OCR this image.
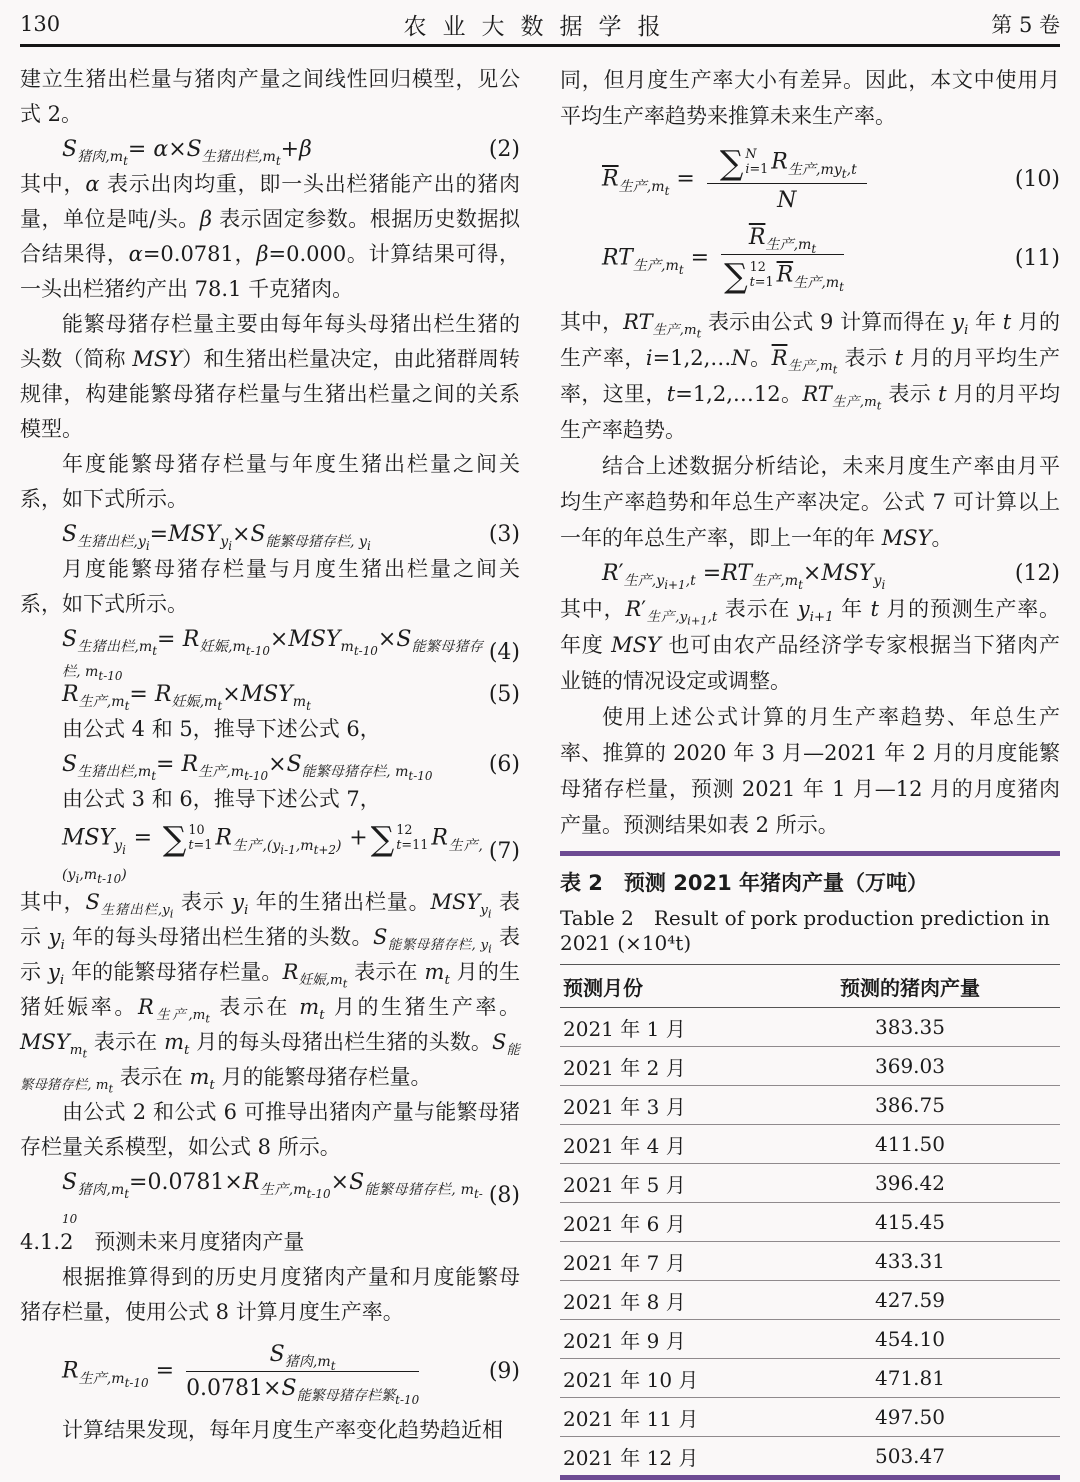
130	农业大数据学报	第 5 卷

建立生猪出栏量与猪肉产量之间线性回归模型，见公式 2。

$S_{猪肉,m_t}= \alpha\times S_{生猪出栏,m_t}+\beta$	(2)

其中，α 表示出肉均重，即一头出栏猪能产出的猪肉量，单位是吨/头。β 表示固定参数。根据历史数据拟合结果得，α=0.0781，β=0.000。计算结果可得，一头出栏猪约产出 78.1 千克猪肉。

能繁母猪存栏量主要由每年每头母猪出栏生猪的头数（简称 MSY）和生猪出栏量决定，由此猪群周转规律，构建能繁母猪存栏量与生猪出栏量之间的关系模型。

年度能繁母猪存栏量与年度生猪出栏量之间关系，如下式所示。

$S_{生猪出栏,y_i}=MSY_{y_i}\times S_{能繁母猪存栏, y_i}$	(3)

月度能繁母猪存栏量与月度生猪出栏量之间关系，如下式所示。

$S_{生猪出栏,m_t}= R_{妊娠,m_{t-10}}\times MSY_{m_{t-10}}\times S_{能繁母猪存栏, m_{t-10}}$
(4)
$R_{生产,m_t}= R_{妊娠,m_t}\times MSY_{m_t}$	(5)

由公式 4 和 5，推导下述公式 6，

$S_{生猪出栏,m_t}= R_{生产,m_{t-10}}\times S_{能繁母猪存栏, m_{t-10}}$	(6)

由公式 3 和 6，推导下述公式 7，

$MSY_{y_i}$ = ∑ 10
t=1 $R_{生产,(y_{i-1},m_{t+2})}$ + ∑ 12
t=11 $R_{生产,(y_i,m_{t-10})}$
(7)

其中，$S_{生猪出栏,y_i}$ 表示 $y_i$ 年的生猪出栏量。$MSY_{y_i}$ 表示 $y_i$ 年的每头母猪出栏生猪的头数。$S_{能繁母猪存栏, y_i}$ 表示 $y_i$ 年的能繁母猪存栏量。$R_{妊娠,m_t}$ 表示在 $m_t$ 月的生猪妊娠率。$R_{生产,m_t}$ 表示在 $m_t$ 月的生猪生产率。$MSY_{m_t}$ 表示在 $m_t$ 月的每头母猪出栏生猪的头数。$S_{能繁母猪存栏, m_t}$ 表示在 $m_t$ 月的能繁母猪存栏量。

由公式 2 和公式 6 可推导出猪肉产量与能繁母猪存栏量关系模型，如公式 8 所示。

$S_{猪肉,m_t}=0.0781\times R_{生产,m_{t-10}}\times S_{能繁母猪存栏, m_{t-10}}$
(8)

4.1.2　预测未来月度猪肉产量

根据推算得到的历史月度猪肉产量和月度能繁母猪存栏量，使用公式 8 计算月度生产率。

$R_{生产,m_{t-10}} = \frac{S_{猪肉,m_t}}{0.0781\times S_{能繁母猪存栏繁_{t-10}}}$	(9)

计算结果发现，每年月度生产率变化趋势趋近相

同，但月度生产率大小有差异。因此，本文中使用月平均生产率趋势来推算未来生产率。

$\overline{R}_{生产,m_t}$ = ∑ N
i=1 $R_{生产,my_t,t}$
N	(10)
$RT_{生产,m_t} = \overline{R}_{生产,m_t}$
∑ 12
t=1 $\overline{R}_{生产,m_t}$	(11)

其中，$RT_{生产,m_t}$ 表示由公式 9 计算而得在 $y_i$ 年 t 月的生产率，i=1,2,…N。$\overline{R}_{生产,m_t}$ 表示 t 月的月平均生产率，这里，t=1,2,…12。$RT_{生产,m_t}$ 表示 t 月的月平均生产率趋势。

结合上述数据分析结论，未来月度生产率由月平均生产率趋势和年总生产率决定。公式 7 可计算以上一年的年总生产率，即上一年的年 MSY。

$R'_{生产,y_{i+1},t} =RT_{生产,m_t}\times MSY_{y_i}$	(12)

其中，$R'_{生产,y_{i+1},t}$ 表示在 $y_{i+1}$ 年 t 月的预测生产率。年度 MSY 也可由农产品经济学专家根据当下猪肉产业链的情况设定或调整。

使用上述公式计算的月生产率趋势、年总生产率、推算的 2020 年 3 月—2021 年 2 月的月度能繁母猪存栏量，预测 2021 年 1 月—12 月的月度猪肉产量。预测结果如表 2 所示。

表 2　预测 2021 年猪肉产量（万吨）
Table 2　Result of pork production prediction in 2021 (×10⁴t)
预测月份	预测的猪肉产量
2021 年 1 月	383.35
2021 年 2 月	369.03
2021 年 3 月	386.75
2021 年 4 月	411.50
2021 年 5 月	396.42
2021 年 6 月	415.45
2021 年 7 月	433.31
2021 年 8 月	427.59
2021 年 9 月	454.10
2021 年 10 月	471.81
2021 年 11 月	497.50
2021 年 12 月	503.47
